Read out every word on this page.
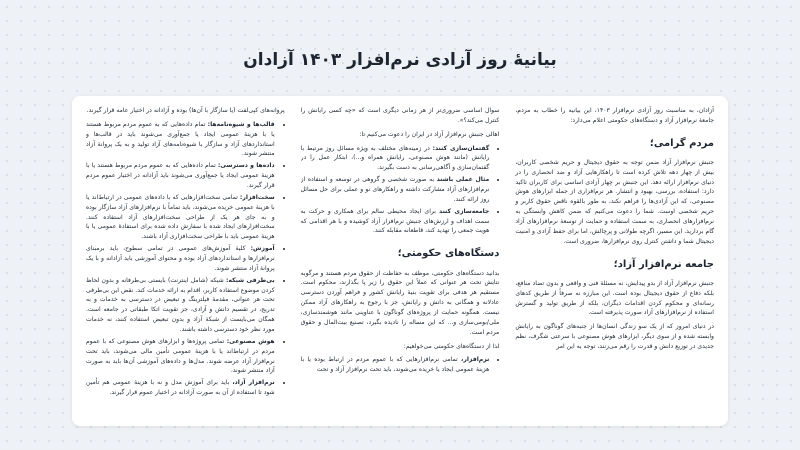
بیانیهٔ روز آزادی نرم‌افزار ۱۴۰۳ آزادان

آزادان، به مناسبت روز آزادی نرم‌افزار ۱۴۰۳، این بیانیه را خطاب به مردم، جامعهٔ نرم‌افزار آزاد و دستگاه‌های حکومتی اعلام می‌دارد:

مردم گرامی؛

جنبش نرم‌افزار آزاد ضمن توجه به حقوق دیجیتال و حریم شخصی کاربران، بیش از چهار دهه تلاش کرده است تا راهکارهایی آزاد و ضد انحصاری را در دنیای نرم‌افزار ارائه دهد. این جنبش بر چهار آزادی اساسی برای کاربران تاکید دارد: استفاده، بررسی، بهبود و انتشار. هر نرم‌افزاری از جمله ابزارهای هوش مصنوعی، که این آزادی‌ها را فراهم نکند، به طور بالقوه ناقض حقوق کاربر و حریم شخصی اوست. شما را دعوت می‌کنیم که ضمن کاهش وابستگی به نرم‌افزارهای انحصاری، به سمت استفاده و حمایت از توسعهٔ نرم‌افزارهای آزاد گام بردارید. این مسیر، اگرچه طولانی و پرچالش، اما برای حفظ آزادی و امنیت دیجیتال شما و داشتن کنترل روی نرم‌افزارها، ضروری است.

جامعه نرم‌افزار آزاد؛

جنبش نرم‌افزار آزاد از بدو پیدایش، نه مسئلهٔ فنی و واقعی و بدون تضاد منافع، بلکه دفاع از حقوق دیجیتال بوده است. این مبارزه نه صرفاً از طریق کدهای رسانه‌ای و محکوم کردن اقدامات دیگران، بلکه از طریق تولید و گسترش استفاده از نرم‌افزارهای آزاد صورت پذیرفته است.

در دنیای امروز که از یک سو زندگی انسان‌ها از جنبه‌های گوناگون به رایانش وابسته شده و از سوی دیگر، ابزارهای هوش مصنوعی با سرعتی شگرف، نظم جدیدی در توزیع دانش و قدرت را رقم می‌زنند، توجه به این امر

سوال اساسی ضروری‌تر از هر زمانی دیگری است که «چه کسی رایانش را کنترل می‌کند؟».

اهالی جنبش نرم‌افزار آزاد در ایران را دعوت می‌کنیم تا:

• گفتمان‌سازی کنند: در زمینه‌های مختلف به ویژه مسائل روز مرتبط با رایانش (مانند هوش مصنوعی، رایانش همراه و...)، ابتکار عمل را در گفتمان‌سازی و آگاهی‌رسانی به دست بگیرند.
• مثال عملی باشند به صورت شخصی و گروهی در توسعه و استفاده از نرم‌افزارهای آزاد مشارکت داشته و راهکارهای نو و عملی برای حل مسائل روز ارائه کنند.
• جامعه‌سازی کنند برای ایجاد محیطی سالم برای همکاری و حرکت به سمت اهداف و ارزش‌های جنبش نرم‌افزار آزاد کوشیده و با هر اقدامی که هویت جمعی را تهدید کند، قاطعانه مقابله کنند.
دستگاه‌های حکومتی؛

بدانید دستگاه‌های حکومتی، موظف به حفاظت از حقوق مردم هستند و مرگوبه نتایش تحت هر عنوانی که عملاً این حقوق را زیر پا بگذارند، محکوم است. مستقیم هر هدفی برای تقویت بنیهٔ رایانش کشور و فراهم آوردن دسترسی عادلانه و همگانی به دانش و رایانش، جز با رجوع به راهکارهای آزاد ممکن نیست. همگونه حمایت از پروژه‌های گوناگون با عناوینی مانند هوشمندسازی، ملی/بومی‌سازی و... که این مساله را نادیده بگیرد، تصنیع بیت‌المال و حقوق مردم است.

لذا از دستگاه‌های حکومتی می‌خواهیم:

• نرم‌افزار، تمامی نرم‌افزارهایی که با عموم مردم در ارتباط بوده یا با هزینهٔ عمومی ایجاد یا خریده می‌شوند، باید تحت نرم‌افزار آزاد و تحت

پروانه‌های کپی‌لفت (یا سازگار با آن‌ها) بوده و آزادانه در اختیار عامه قرار گیرند.

• قالب‌ها و شیوه‌نامه‌ها: تمام داده‌هایی که به عموم مردم مربوط هستند یا با هزینهٔ عمومی ایجاد یا جمع‌آوری می‌شوند باید در قالب‌ها و استانداردهای آزاد و سازگار با شیوه‌نامه‌های آزاد تولید و به یک پروانهٔ آزاد منتشر شوند.
• داده‌ها و دسترسی: تمام داده‌هایی که به عموم مردم مربوط هستند یا با هزینهٔ عمومی ایجاد یا جمع‌آوری می‌شوند باید آزادانه در اختیار عموم مردم قرار گیرند.
• سخت‌افزار: تمامی سخت‌افزارهایی که با داده‌های عمومی در ارتباط‌اند یا با هزینهٔ عمومی خریده می‌شوند، باید تماماً با نرم‌افزارهای آزاد سازگار بوده و به جای هر یک از طراحی سخت‌افزارهای آزاد استفاده کنند. سخت‌افزارهای ایجاد شده با سفارش داده شده برای استفادهٔ عمومی یا با هزینهٔ عمومی باید با طراحی سخت‌افزاری آزاد باشند.
• آموزش: کلیهٔ آموزش‌های عمومی در تمامی سطوح، باید برمبنای نرم‌افزارها و استانداردهای آزاد بوده و محتوای آموزشی باید آزادانه و با یک پروانهٔ آزاد منتشر شوند.
• بی‌طرفی شبکه: شبکه (شامل اینترنت) بایستی بی‌طرفانه و بدون لحاظ کردن موضوع استفاده کاربر، اقدام به ارائه خدمات کند. نقض این بی‌طرفی تحت هر عنوانی، مقدمهٔ فیلترینگ و تبعیض در دسترسی به خدمات و به تدریج، در تقسیم دانش و آزادی، جز تقویت اتکا طبقاتی در جامعه است. همگان می‌بایست از شبکهٔ آزاد و بدون تبعیض استفاده کنند، نه خدمات مورد نظر خود دسترسی داشته باشند.
• هوش مصنوعی: تمامی پروژه‌ها و ابزارهای هوش مصنوعی که با عموم مردم در ارتباط‌اند یا با هزینهٔ عمومی تأمین مالی می‌شوند، باید تحت نرم‌افزار آزاد عرضه شوند. مدل‌ها و داده‌های آموزشی آن‌ها باید به صورت آزاد منتشر شوند.
• نرم‌افزار آزاد، باید برای آموزش مدل و نه با هزینهٔ عمومی هم تأمین شود تا استفاده از آن به صورت آزادانه در اختیار عموم قرار گیرند.
